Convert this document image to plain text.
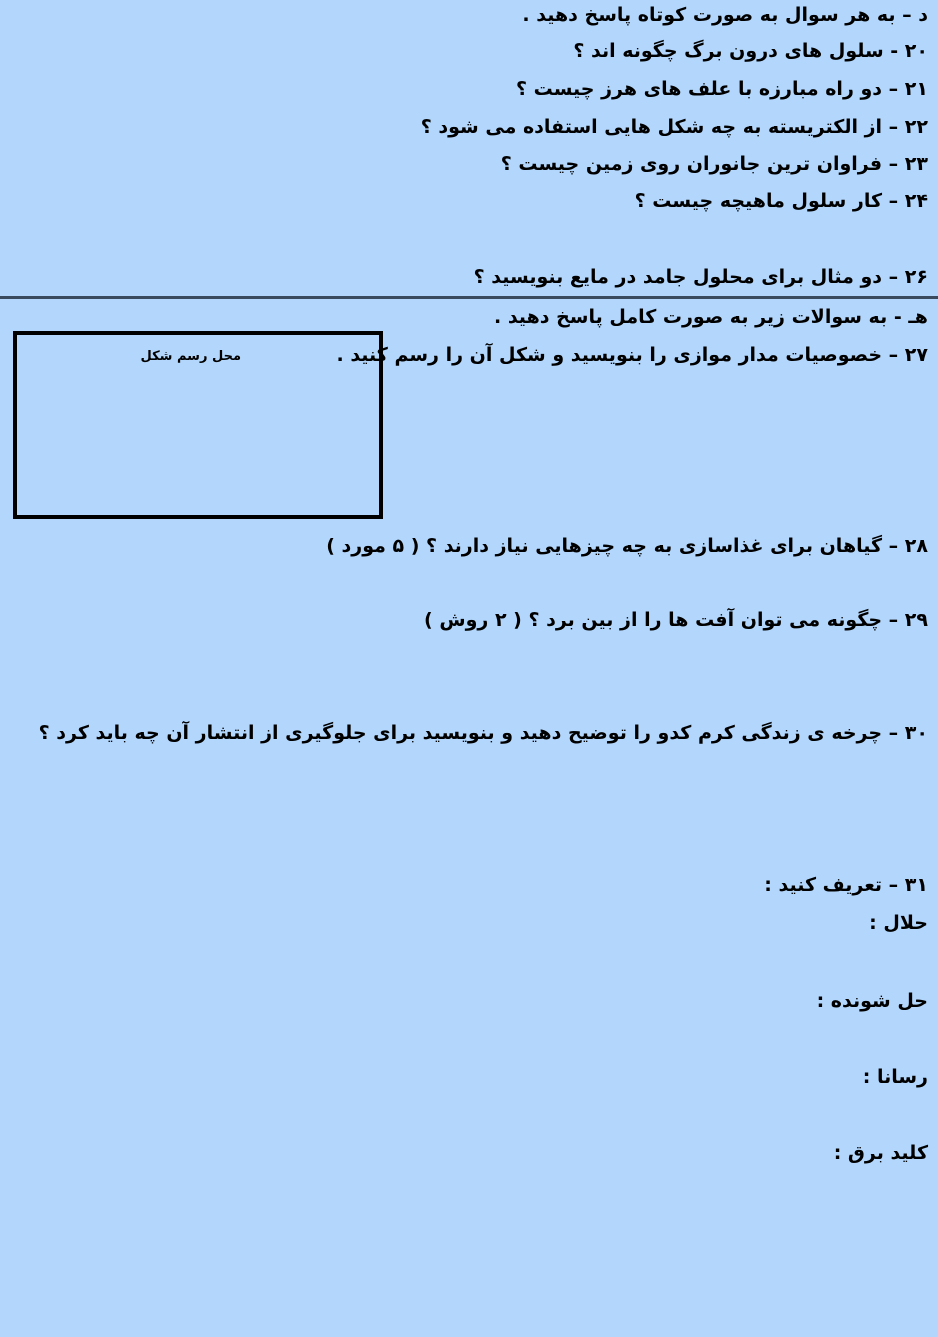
د – به هر سوال به صورت کوتاه پاسخ دهید .
۲۰ - سلول های درون برگ چگونه اند ؟
۲۱ – دو راه مبارزه با علف های هرز چیست ؟
۲۲ – از الکتریسته به چه شکل هایی استفاده می شود ؟
۲۳ – فراوان ترین جانوران روی زمین چیست ؟
۲۴ – کار سلول ماهیچه چیست ؟
۲۶ – دو مثال برای محلول جامد در مایع بنویسید ؟
هـ - به سوالات زیر به صورت کامل پاسخ دهید .
۲۷ – خصوصیات مدار موازی را بنویسید و شکل آن را رسم کنید .
محل رسم شکل
۲۸ – گیاهان برای غذاسازی به چه چیزهایی نیاز دارند ؟ ( ۵ مورد )
۲۹ – چگونه می توان آفت ها را از بین برد ؟ ( ۲ روش )
۳۰ – چرخه ی زندگی کرم کدو را توضیح دهید و بنویسید برای جلوگیری از انتشار آن چه باید کرد ؟
۳۱ – تعریف کنید :
حلال :
حل شونده :
رسانا :
کلید برق :
